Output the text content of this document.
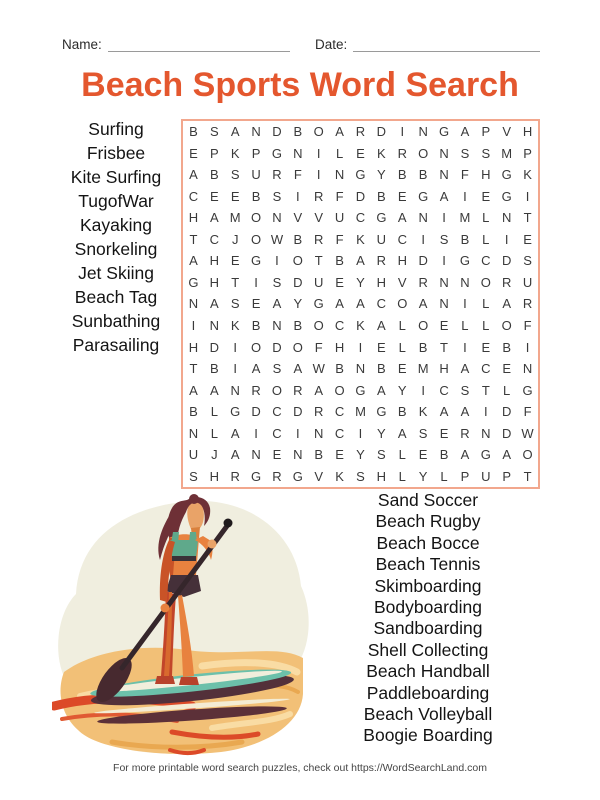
Name:	Date:
Beach Sports Word Search
Surfing
Frisbee
Kite Surfing
TugofWar
Kayaking
Snorkeling
Jet Skiing
Beach Tag
Sunbathing
Parasailing
B S A N D B O A R D	I	N G A P V H
E P K P G N	I	L E K R O N S S M P
A B S U R F	I	N G Y B B N F H G K
C E E B S	I	R F D B E G A	I	E G	I
H A M O N V V U C G A N	I	M L N T
T C J O W B R F K U C	I	S B L	I	E
A H E G	I	O T B A R H D	I	G C D S
G H T	I	S D U E Y H V R N N O R U
N A S E A Y G A A C O A N	I	L A R
I	N K B N B O C K A L O E L	L O F
H D	I	O D O F H	I	E L B T	I	E B	I
T B	I	A S A W B N B E M H A C E N
A A N R O R A O G A Y	I	C S T	L G
B L G D C D R C M G B K A A	I	D F
N L A	I	C	I	N C	I	Y A S E R N D W
U J	A N E N B E Y S L E B A G A O
S H R G R G V K S H L Y L P U P T
Sand Soccer
Beach Rugby
Beach Bocce
Beach Tennis
Skimboarding
Bodyboarding
Sandboarding
Shell Collecting
Beach Handball
Paddleboarding
Beach Volleyball
Boogie Boarding
For more printable word search puzzles, check out https://WordSearchLand.com
